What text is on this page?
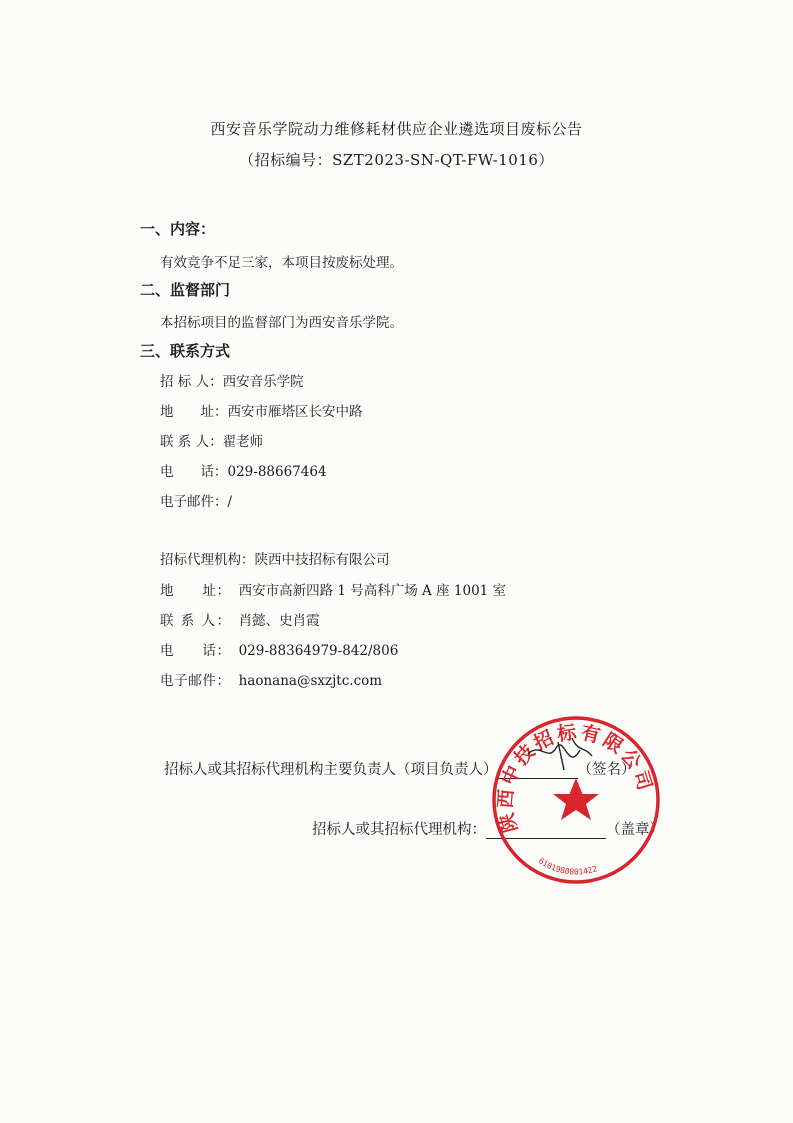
西安音乐学院动力维修耗材供应企业遴选项目废标公告
（招标编号：SZT2023-SN-QT-FW-1016）
一、内容：
有效竞争不足三家，本项目按废标处理。
二、监督部门
本招标项目的监督部门为西安音乐学院。
三、联系方式
招 标 人：西安音乐学院
地　　址：西安市雁塔区长安中路
联 系 人：翟老师
电　　话：029-88667464
电子邮件：/
招标代理机构：陕西中技招标有限公司
地　　址： 西安市高新四路 1 号高科广场 A 座 1001 室
联 系 人： 肖懿、史肖霞
电　　话： 029-88364979-842/806
电子邮件： haonana@sxzjtc.com
招标人或其招标代理机构主要负责人（项目负责人）	（签名）
招标人或其招标代理机构：	（盖章）
陕西中技招标有限公司
6101980001422
